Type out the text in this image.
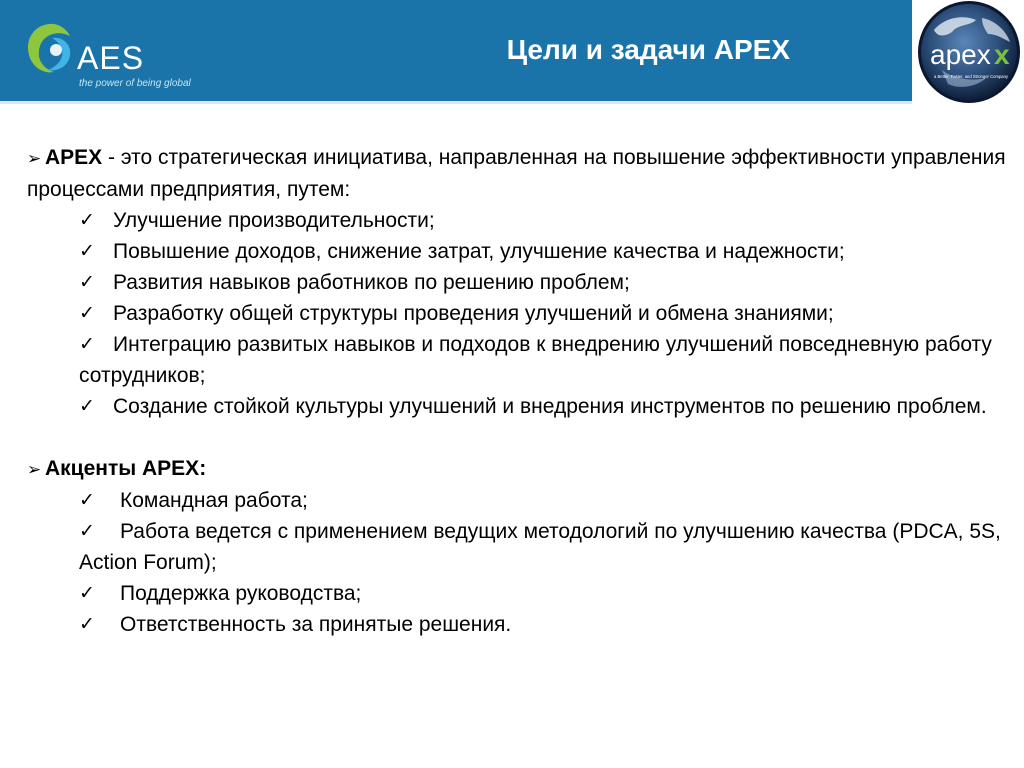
AES
the power of being global
Цели и задачи APEX	apex
a Better, Faster, and Stronger Company
x

➢ APEX - это стратегическая инициатива, направленная на повышение эффективности управления процессами предприятия, путем:

✓ Улучшение производительности;

✓ Повышение доходов, снижение затрат, улучшение качества и надежности;

✓ Развития навыков работников по решению проблем;

✓ Разработку общей структуры проведения улучшений и обмена знаниями;

✓ Интеграцию развитых навыков и подходов к внедрению улучшений повседневную работу сотрудников;

✓ Создание стойкой культуры улучшений и внедрения инструментов по решению проблем.

➢ Акценты APEX:

✓	Командная работа;

✓	Работа ведется с применением ведущих методологий по улучшению качества (PDCA, 5S, Action Forum);

✓	Поддержка руководства;

✓	Ответственность за принятые решения.
